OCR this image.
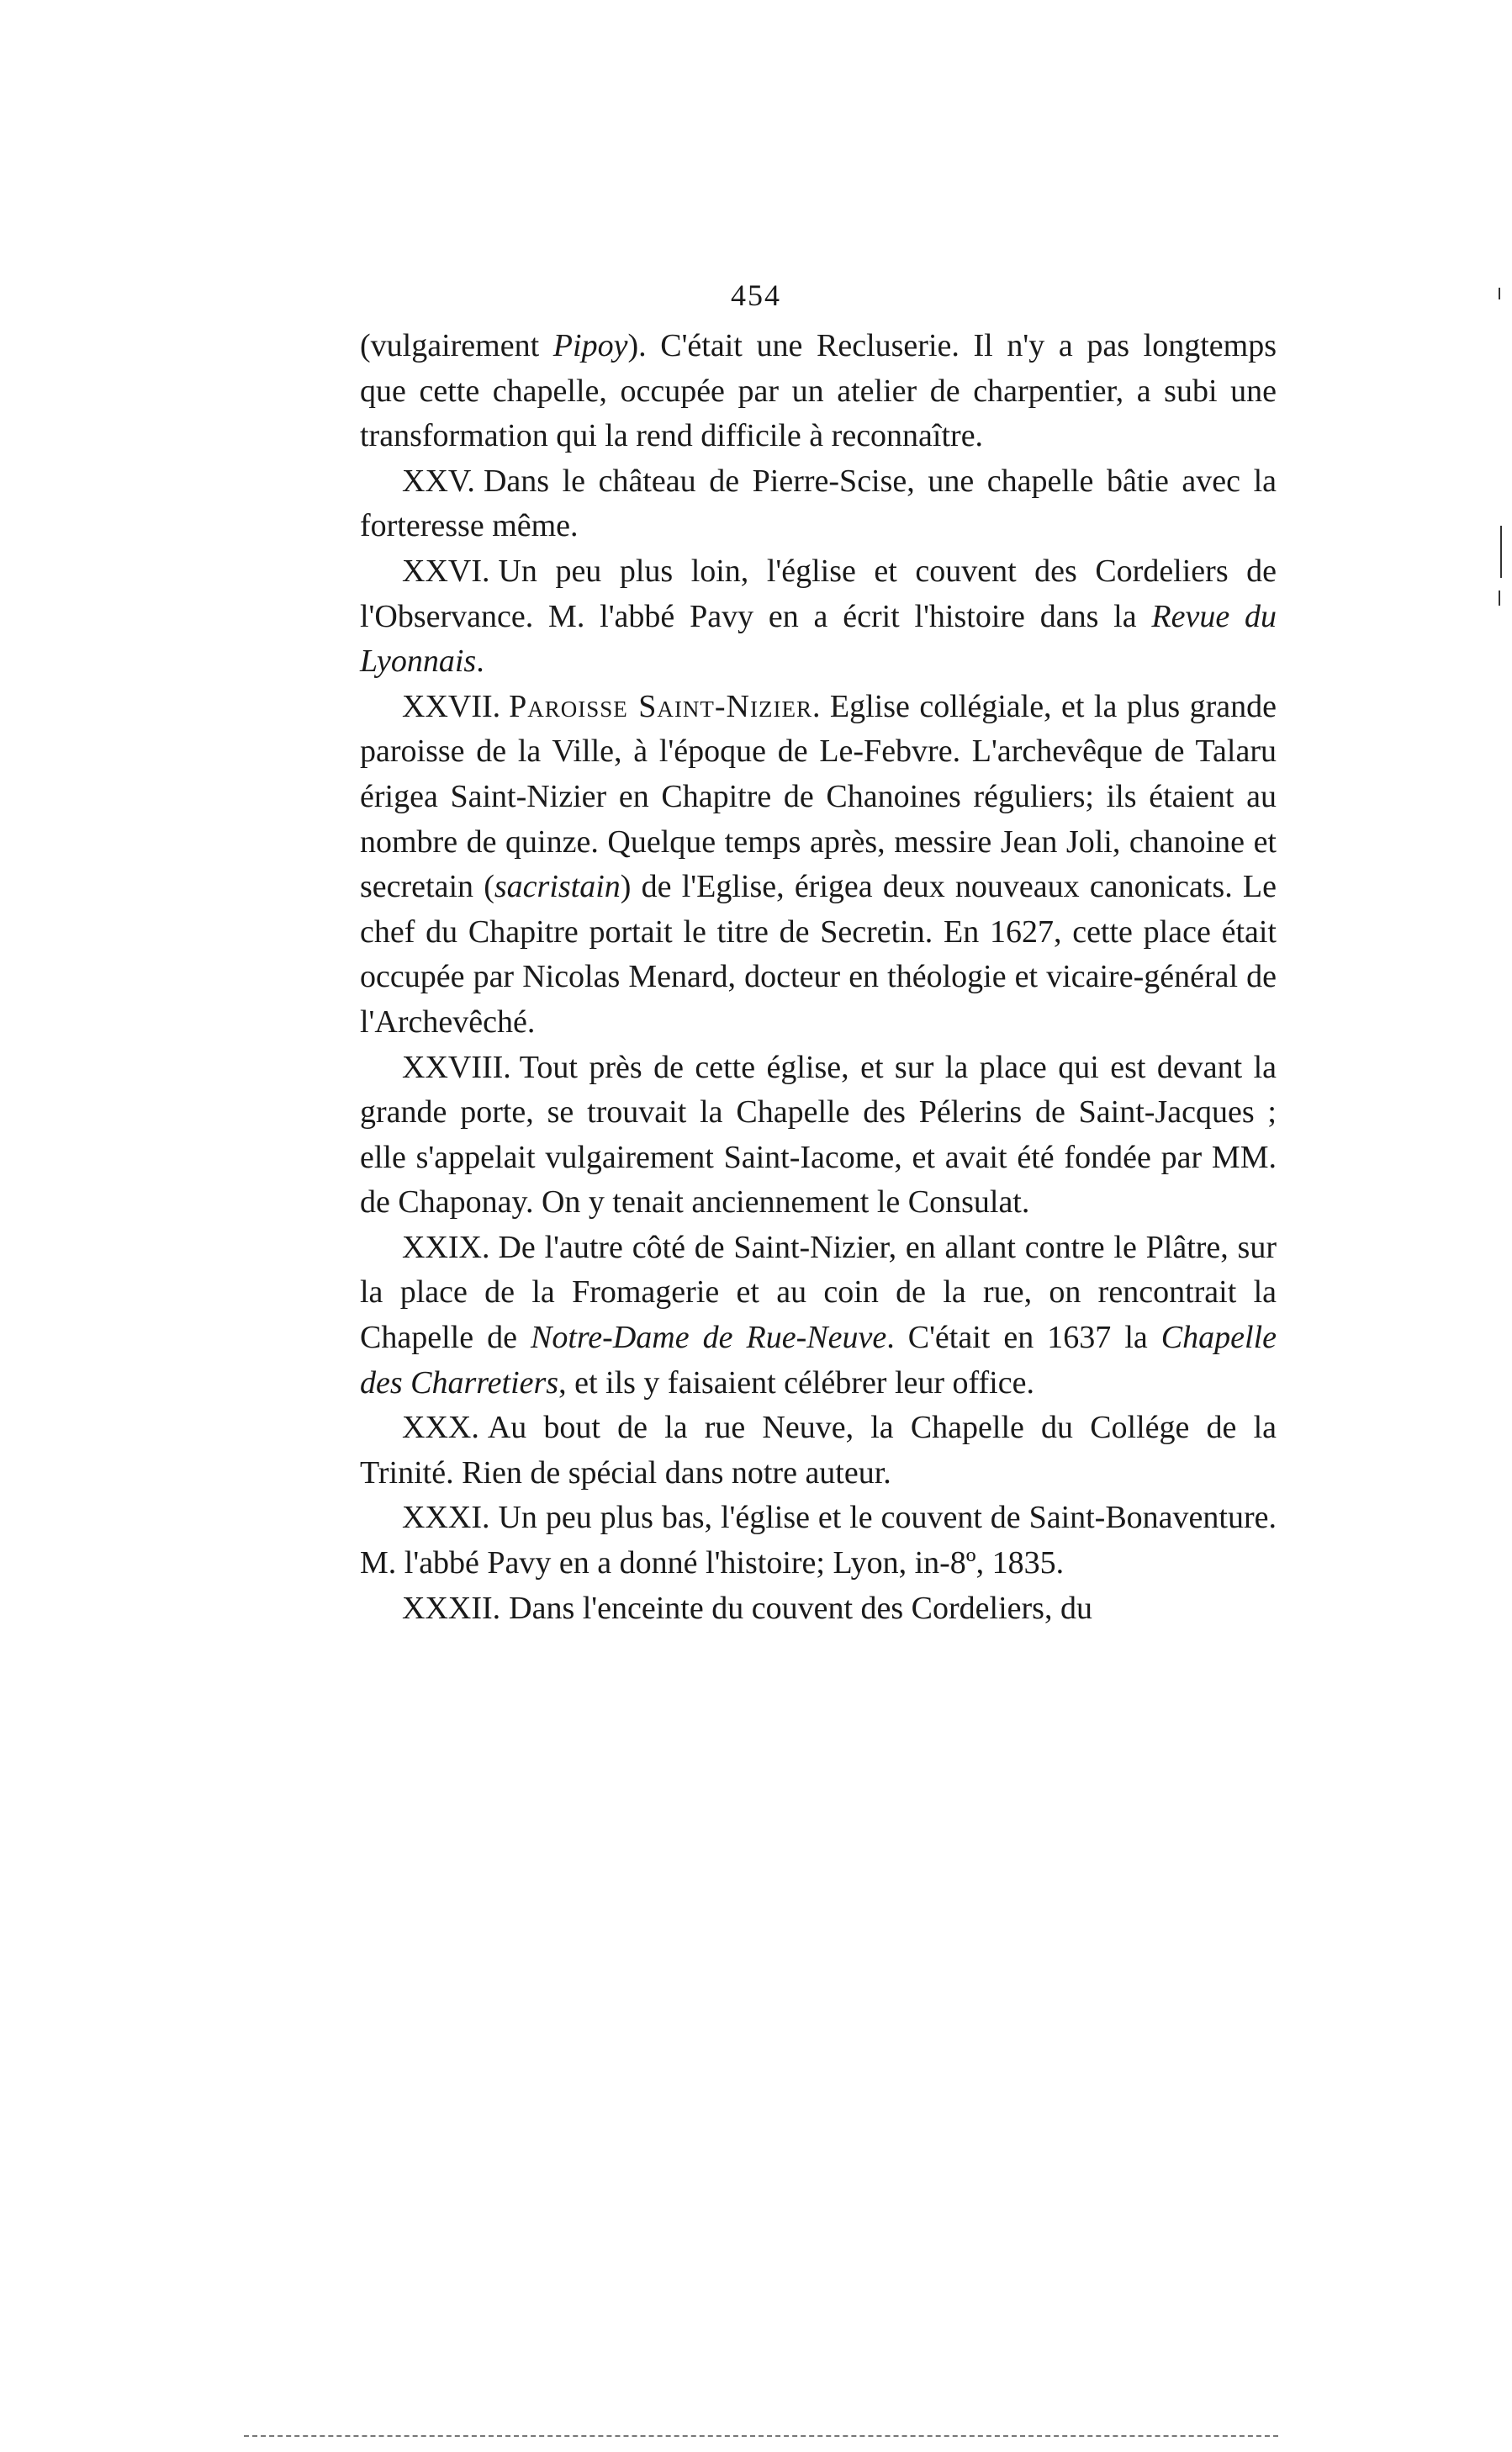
454

(vulgairement Pipoy). C'était une Recluserie. Il n'y a pas longtemps que cette chapelle, occupée par un atelier de charpentier, a subi une transformation qui la rend difficile à reconnaître.

XXV. Dans le château de Pierre-Scise, une chapelle bâtie avec la forteresse même.

XXVI. Un peu plus loin, l'église et couvent des Cordeliers de l'Observance. M. l'abbé Pavy en a écrit l'histoire dans la Revue du Lyonnais.

XXVII. Paroisse Saint-Nizier. Eglise collégiale, et la plus grande paroisse de la Ville, à l'époque de Le-Febvre. L'archevêque de Talaru érigea Saint-Nizier en Chapitre de Chanoines réguliers; ils étaient au nombre de quinze. Quelque temps après, messire Jean Joli, chanoine et secretain (sacristain) de l'Eglise, érigea deux nouveaux canonicats. Le chef du Chapitre portait le titre de Secretin. En 1627, cette place était occupée par Nicolas Menard, docteur en théologie et vicaire-général de l'Archevêché.

XXVIII. Tout près de cette église, et sur la place qui est devant la grande porte, se trouvait la Chapelle des Pélerins de Saint-Jacques ; elle s'appelait vulgairement Saint-Iacome, et avait été fondée par MM. de Chaponay. On y tenait anciennement le Consulat.

XXIX. De l'autre côté de Saint-Nizier, en allant contre le Plâtre, sur la place de la Fromagerie et au coin de la rue, on rencontrait la Chapelle de Notre-Dame de Rue-Neuve. C'était en 1637 la Chapelle des Charretiers, et ils y faisaient célébrer leur office.

XXX. Au bout de la rue Neuve, la Chapelle du Collége de la Trinité. Rien de spécial dans notre auteur.

XXXI. Un peu plus bas, l'église et le couvent de Saint-Bonaventure. M. l'abbé Pavy en a donné l'histoire; Lyon, in-8º, 1835.

XXXII. Dans l'enceinte du couvent des Cordeliers, du
